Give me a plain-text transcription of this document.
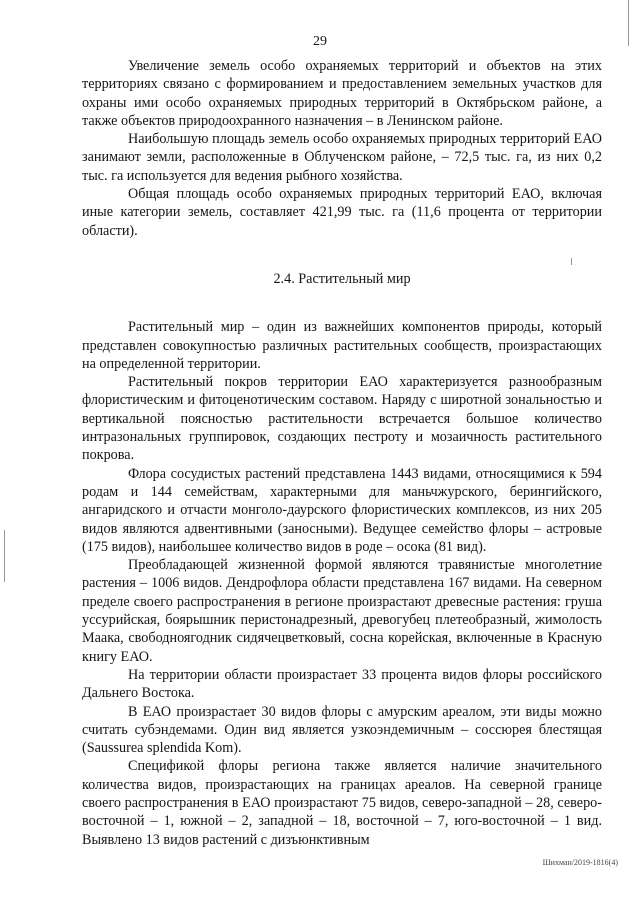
29

Увеличение земель особо охраняемых территорий и объектов на этих территориях связано с формированием и предоставлением земельных участков для охраны ими особо охраняемых природных территорий в Октябрьском районе, а также объектов природоохранного назначения – в Ленинском районе.

Наибольшую площадь земель особо охраняемых природных территорий ЕАО занимают земли, расположенные в Облученском районе, – 72,5 тыс. га, из них 0,2 тыс. га используется для ведения рыбного хозяйства.

Общая площадь особо охраняемых природных территорий ЕАО, включая иные категории земель, составляет 421,99 тыс. га (11,6 процента от территории области).

2.4. Растительный мир

Растительный мир – один из важнейших компонентов природы, который представлен совокупностью различных растительных сообществ, произрастающих на определенной территории.

Растительный покров территории ЕАО характеризуется разнообразным флористическим и фитоценотическим составом. Наряду с широтной зональностью и вертикальной поясностью растительности встречается большое количество интразональных группировок, создающих пестроту и мозаичность растительного покрова.

Флора сосудистых растений представлена 1443 видами, относящимися к 594 родам и 144 семействам, характерными для маньчжурского, берингийского, ангаридского и отчасти монголо-даурского флористических комплексов, из них 205 видов являются адвентивными (заносными). Ведущее семейство флоры – астровые (175 видов), наибольшее количество видов в роде – осока (81 вид).

Преобладающей жизненной формой являются травянистые многолетние растения – 1006 видов. Дендрофлора области представлена 167 видами. На северном пределе своего распространения в регионе произрастают древесные растения: груша уссурийская, боярышник перистонадрезный, древогубец плетеобразный, жимолость Маака, свободноягодник сидячецветковый, сосна корейская, включенные в Красную книгу ЕАО.

На территории области произрастает 33 процента видов флоры российского Дальнего Востока.

В ЕАО произрастает 30 видов флоры с амурским ареалом, эти виды можно считать субэндемами. Один вид является узкоэндемичным – соссюрея блестящая (Saussurea splendida Kom).

Спецификой флоры региона также является наличие значительного количества видов, произрастающих на границах ареалов. На северной границе своего распространения в ЕАО произрастают 75 видов, северо-западной – 28, северо-восточной – 1, южной – 2, западной – 18, восточной – 7, юго-восточной – 1 вид. Выявлено 13 видов растений с дизъюнктивным

Шихман/2019-1816(4)
